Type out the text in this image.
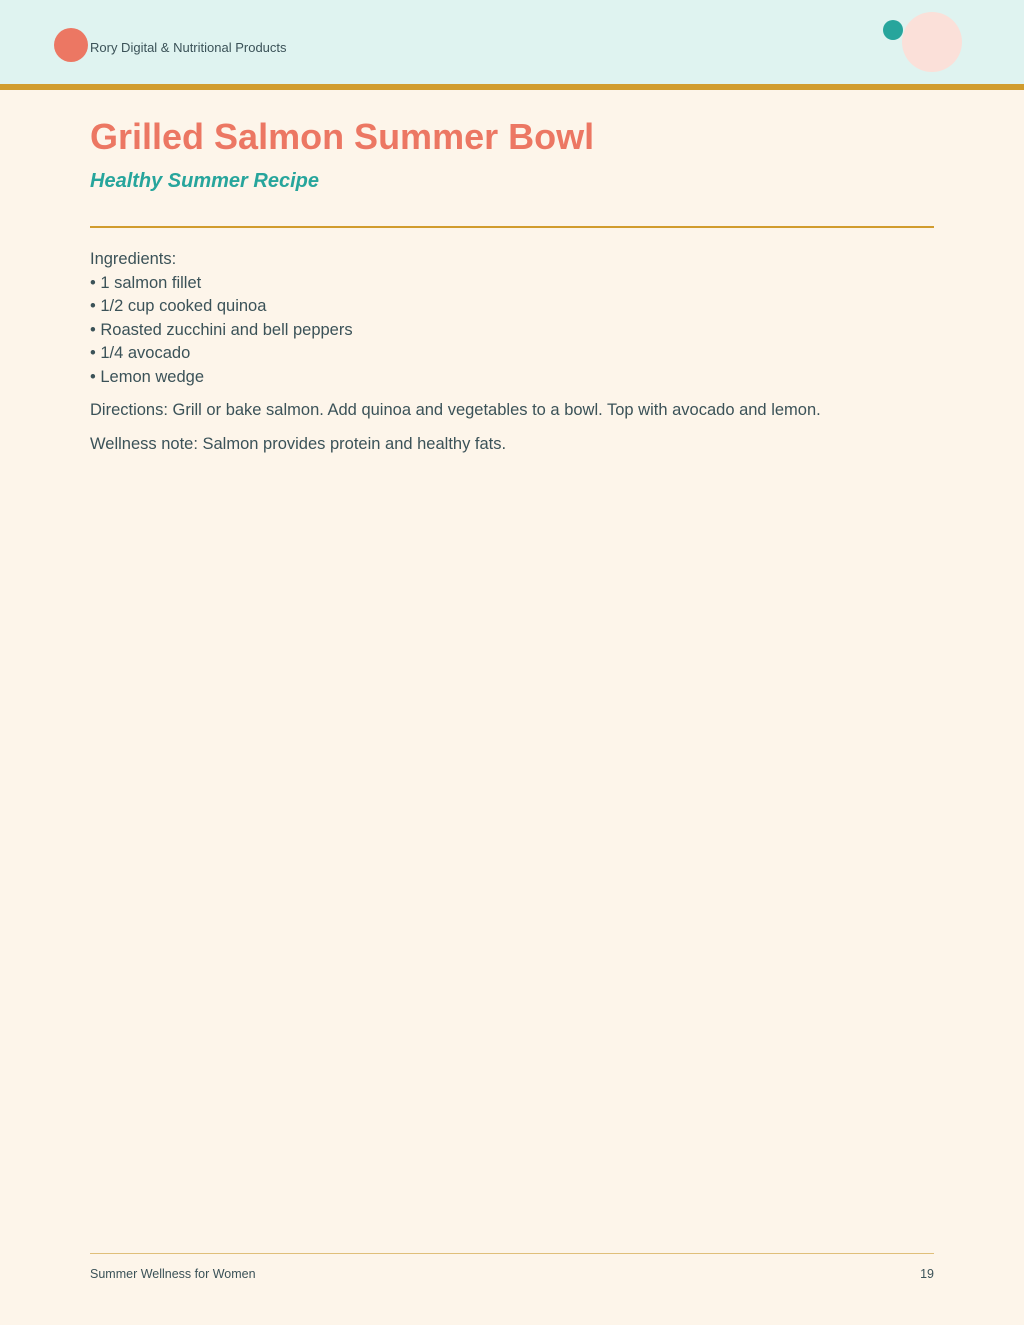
Rory Digital & Nutritional Products
Grilled Salmon Summer Bowl
Healthy Summer Recipe

Ingredients:

• 1 salmon fillet
• 1/2 cup cooked quinoa
• Roasted zucchini and bell peppers
• 1/4 avocado
• Lemon wedge

Directions: Grill or bake salmon. Add quinoa and vegetables to a bowl. Top with avocado and lemon.

Wellness note: Salmon provides protein and healthy fats.

Summer Wellness for Women	19
